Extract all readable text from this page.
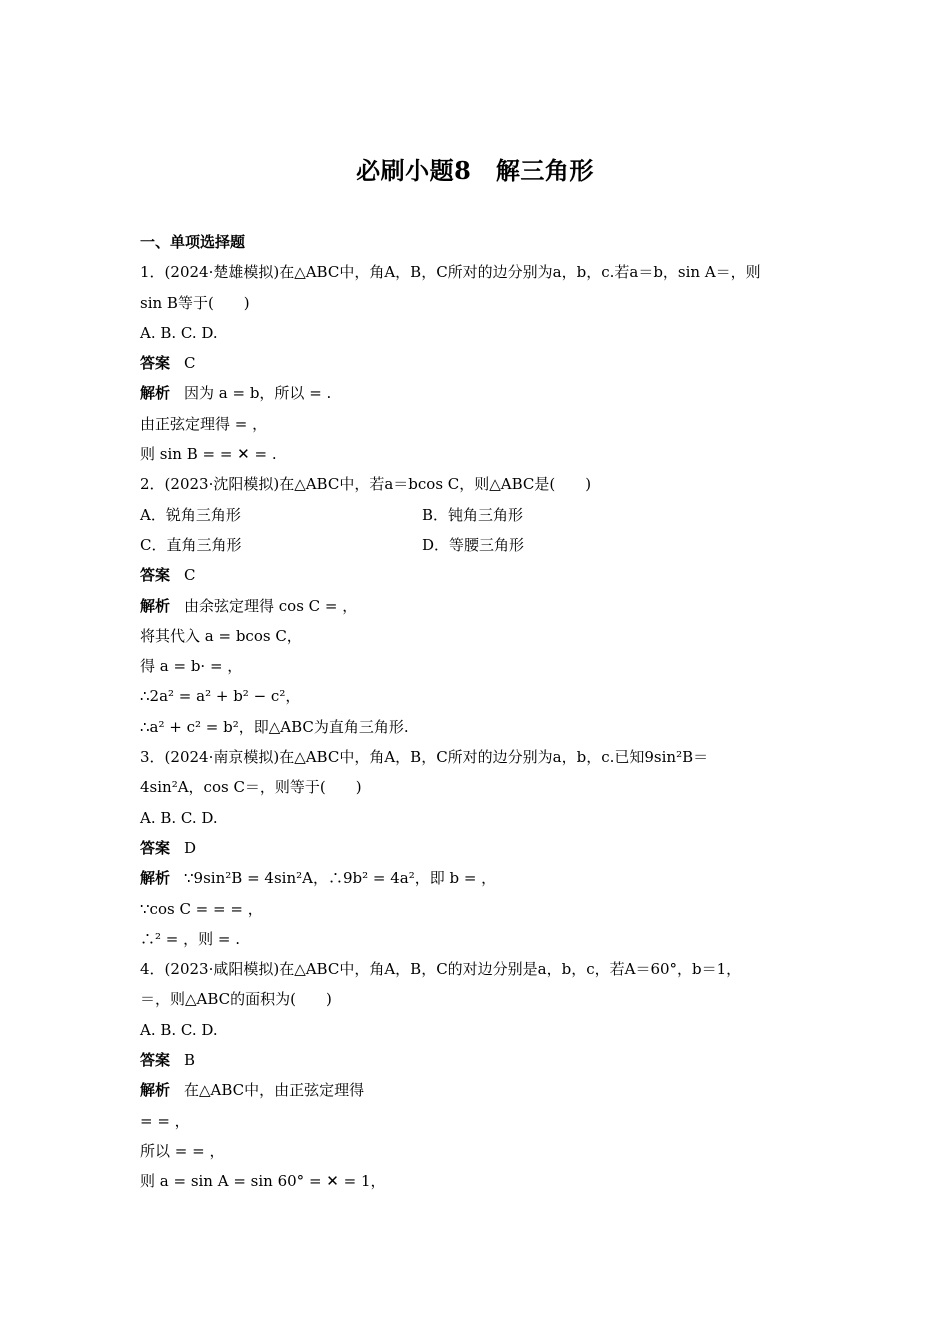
必刷小题8　解三角形
一、单项选择题
1．(2024·楚雄模拟)在△ABC中，角A，B，C所对的边分别为a，b，c.若a＝b，sin A＝，则
sin B等于(　　)
A. B. C. D.
答案 C
解析 因为 a = b，所以 = .
由正弦定理得 = ，
则 sin B = = ✕ = .
2．(2023·沈阳模拟)在△ABC中，若a＝bcos C，则△ABC是(　　)
A．锐角三角形	B．钝角三角形
C．直角三角形	D．等腰三角形
答案 C
解析 由余弦定理得 cos C = ，
将其代入 a = bcos C，
得 a = b· = ，
∴2a² = a² + b² − c²，
∴a² + c² = b²，即△ABC为直角三角形.
3．(2024·南京模拟)在△ABC中，角A，B，C所对的边分别为a，b，c.已知9sin²B＝
4sin²A，cos C＝，则等于(　　)
A. B. C. D.
答案 D
解析 ∵9sin²B = 4sin²A，∴9b² = 4a²，即 b = ，
∵cos C = = = ，
∴² = ，则 = .
4．(2023·咸阳模拟)在△ABC中，角A，B，C的对边分别是a，b，c，若A＝60°，b＝1，
＝，则△ABC的面积为(　　)
A. B. C. D.
答案 B
解析 在△ABC中，由正弦定理得
= = ，
所以 = = ，
则 a = sin A = sin 60° = ✕ = 1，
